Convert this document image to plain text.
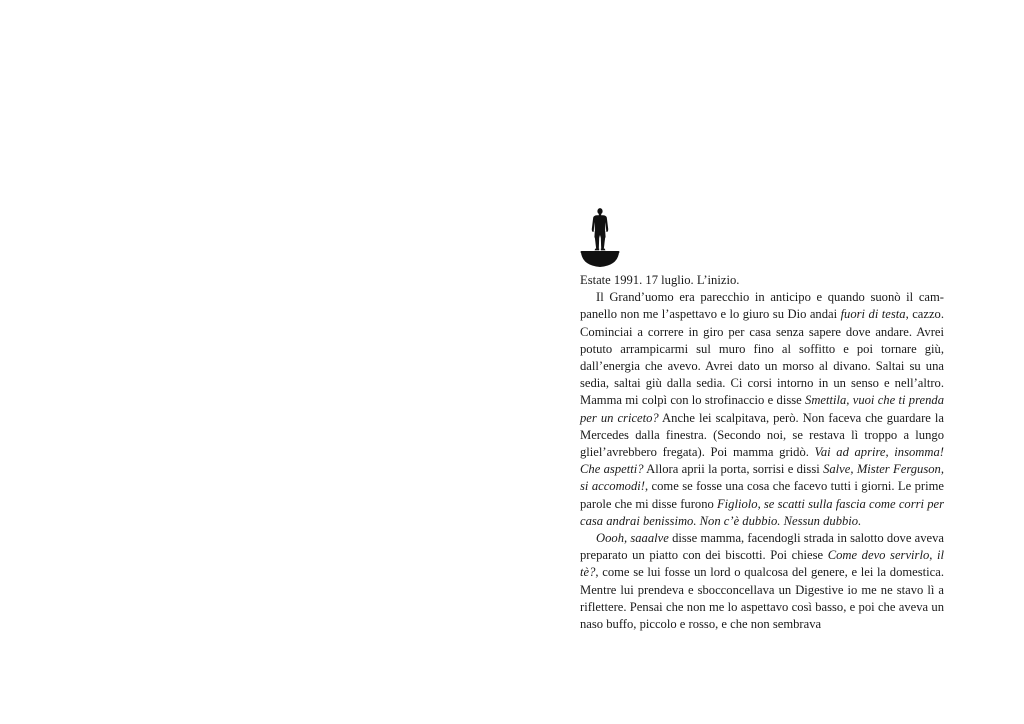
Estate 1991. 17 luglio. L’inizio.

Il Grand’uomo era parecchio in anticipo e quando suonò il campanello non me l’aspettavo e lo giuro su Dio andai fuori di testa, cazzo. Cominciai a correre in giro per casa senza sapere dove andare. Avrei potuto arrampicarmi sul muro fino al soffitto e poi tornare giù, dall’energia che avevo. Avrei dato un morso al divano. Saltai su una sedia, saltai giù dalla sedia. Ci corsi intorno in un senso e nell’altro. Mamma mi colpì con lo strofinaccio e disse Smettila, vuoi che ti prenda per un criceto? Anche lei scalpitava, però. Non faceva che guardare la Mercedes dalla finestra. (Secondo noi, se restava lì troppo a lungo gliel’avrebbero fregata). Poi mamma gridò. Vai ad aprire, insomma! Che aspetti? Allora aprii la porta, sorrisi e dissi Salve, Mister Ferguson, si accomodi!, come se fosse una cosa che facevo tutti i giorni. Le prime parole che mi disse furono Figliolo, se scatti sulla fascia come corri per casa andrai benissimo. Non c’è dubbio. Nessun dubbio.

Oooh, saaalve disse mamma, facendogli strada in salotto dove aveva preparato un piatto con dei biscotti. Poi chiese Come devo servirlo, il tè?, come se lui fosse un lord o qualcosa del genere, e lei la domestica. Mentre lui prendeva e sbocconcellava un Digestive io me ne stavo lì a riflettere. Pensai che non me lo aspettavo così basso, e poi che aveva un naso buffo, piccolo e rosso, e che non sembrava
